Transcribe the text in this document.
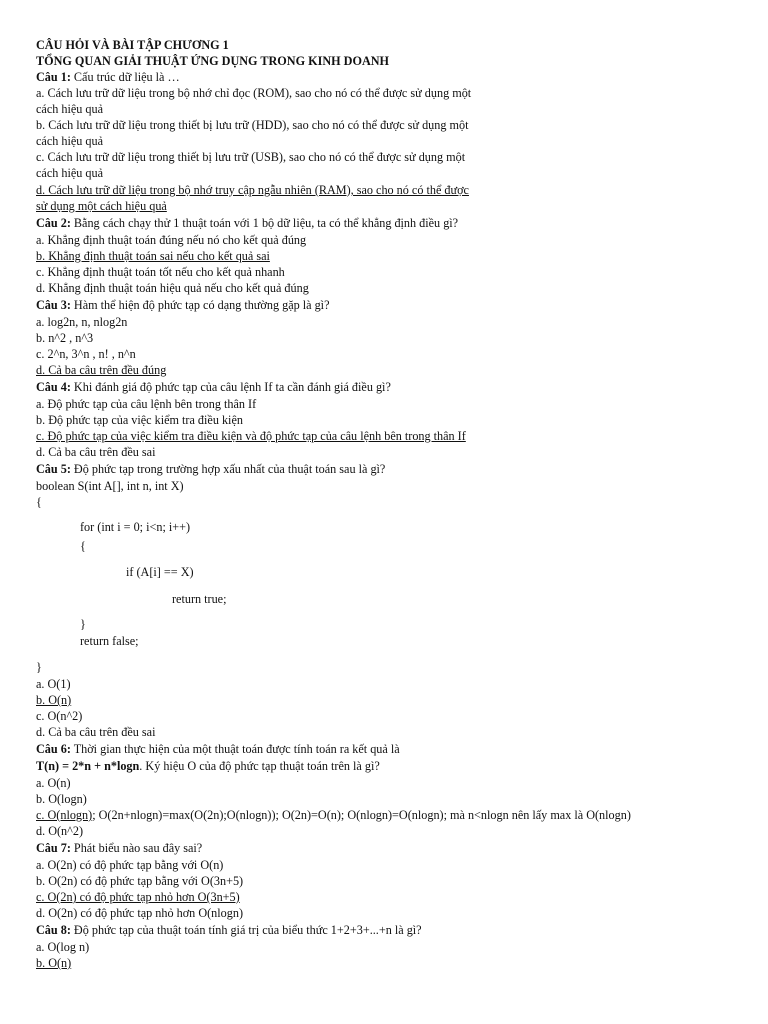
CÂU HỎI VÀ BÀI TẬP CHƯƠNG 1
TỔNG QUAN GIẢI THUẬT ỨNG DỤNG TRONG KINH DOANH
Câu 1: Cấu trúc dữ liệu là …
a. Cách lưu trữ dữ liệu trong bộ nhớ chỉ đọc (ROM), sao cho nó có thể được sử dụng một
cách hiệu quả
b. Cách lưu trữ dữ liệu trong thiết bị lưu trữ (HDD), sao cho nó có thể được sử dụng một
cách hiệu quả
c. Cách lưu trữ dữ liệu trong thiết bị lưu trữ (USB), sao cho nó có thể được sử dụng một
cách hiệu quả
d. Cách lưu trữ dữ liệu trong bộ nhớ truy cập ngẫu nhiên (RAM), sao cho nó có thể được
sử dụng một cách hiệu quả
Câu 2: Bằng cách chạy thử 1 thuật toán với 1 bộ dữ liệu, ta có thể khẳng định điều gì?
a. Khẳng định thuật toán đúng nếu nó cho kết quả đúng
b. Khẳng định thuật toán sai nếu cho kết quả sai
c. Khẳng định thuật toán tốt nếu cho kết quả nhanh
d. Khẳng định thuật toán hiệu quả nếu cho kết quả đúng
Câu 3: Hàm thể hiện độ phức tạp có dạng thường gặp là gì?
a. log2n, n, nlog2n
b. n^2 , n^3
c. 2^n, 3^n , n! , n^n
d. Cả ba câu trên đều đúng
Câu 4: Khi đánh giá độ phức tạp của câu lệnh If ta cần đánh giá điều gì?
a. Độ phức tạp của câu lệnh bên trong thân If
b. Độ phức tạp của việc kiểm tra điều kiện
c. Độ phức tạp của việc kiểm tra điều kiện và độ phức tạp của câu lệnh bên trong thân If
d. Cả ba câu trên đều sai
Câu 5: Độ phức tạp trong trường hợp xấu nhất của thuật toán sau là gì?
boolean S(int A[], int n, int X)
{
for (int i = 0; i<n; i++)
{
if (A[i] == X)
return true;
}
return false;
}
a. O(1)
b. O(n)
c. O(n^2)
d. Cả ba câu trên đều sai
Câu 6: Thời gian thực hiện của một thuật toán được tính toán ra kết quả là
T(n) = 2*n + n*logn. Ký hiệu O của độ phức tạp thuật toán trên là gì?
a. O(n)
b. O(logn)
c. O(nlogn); O(2n+nlogn)=max(O(2n);O(nlogn)); O(2n)=O(n); O(nlogn)=O(nlogn); mà n<nlogn nên lấy max là O(nlogn)
d. O(n^2)
Câu 7: Phát biểu nào sau đây sai?
a. O(2n) có độ phức tạp bằng với O(n)
b. O(2n) có độ phức tạp bằng với O(3n+5)
c. O(2n) có độ phức tạp nhỏ hơn O(3n+5)
d. O(2n) có độ phức tạp nhỏ hơn O(nlogn)
Câu 8: Độ phức tạp của thuật toán tính giá trị của biểu thức 1+2+3+...+n là gì?
a. O(log n)
b. O(n)
